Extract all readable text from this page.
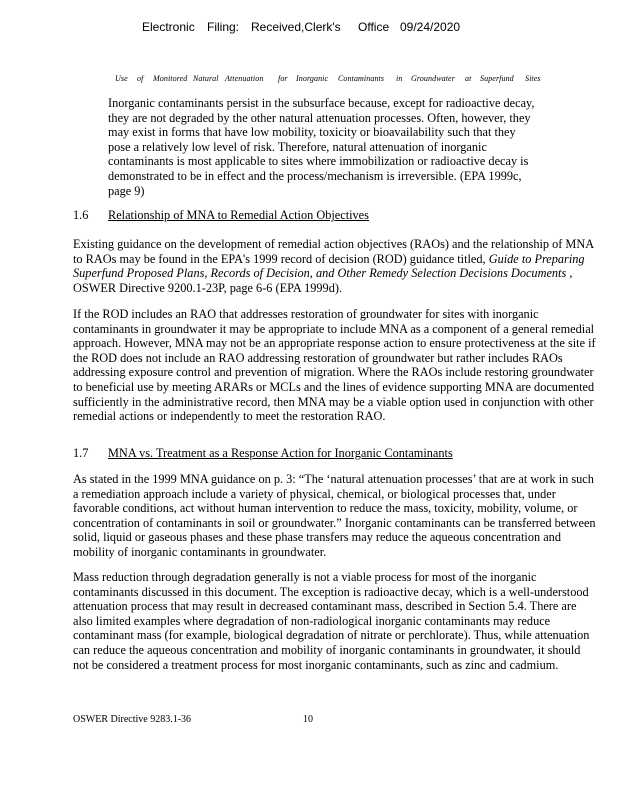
Electronic Filing: Received,Clerk's Office 09/24/2020
Use of Monitored Natural Attenuation for Inorganic Contaminants in Groundwater at Superfund Sites
Inorganic contaminants persist in the subsurface because, except for radioactive decay, they are not degraded by the other natural attenuation processes. Often, however, they may exist in forms that have low mobility, toxicity or bioavailability such that they pose a relatively low level of risk. Therefore, natural attenuation of inorganic contaminants is most applicable to sites where immobilization or radioactive decay is demonstrated to be in effect and the process/mechanism is irreversible. (EPA 1999c, page 9)
1.6 Relationship of MNA to Remedial Action Objectives
Existing guidance on the development of remedial action objectives (RAOs) and the relationship of MNA to RAOs may be found in the EPA's 1999 record of decision (ROD) guidance titled, Guide to Preparing Superfund Proposed Plans, Records of Decision, and Other Remedy Selection Decisions Documents , OSWER Directive 9200.1-23P, page 6-6 (EPA 1999d).
If the ROD includes an RAO that addresses restoration of groundwater for sites with inorganic contaminants in groundwater it may be appropriate to include MNA as a component of a general remedial approach. However, MNA may not be an appropriate response action to ensure protectiveness at the site if the ROD does not include an RAO addressing restoration of groundwater but rather includes RAOs addressing exposure control and prevention of migration. Where the RAOs include restoring groundwater to beneficial use by meeting ARARs or MCLs and the lines of evidence supporting MNA are documented sufficiently in the administrative record, then MNA may be a viable option used in conjunction with other remedial actions or independently to meet the restoration RAO.
1.7 MNA vs. Treatment as a Response Action for Inorganic Contaminants
As stated in the 1999 MNA guidance on p. 3: “The ‘natural attenuation processes’ that are at work in such a remediation approach include a variety of physical, chemical, or biological processes that, under favorable conditions, act without human intervention to reduce the mass, toxicity, mobility, volume, or concentration of contaminants in soil or groundwater.” Inorganic contaminants can be transferred between solid, liquid or gaseous phases and these phase transfers may reduce the aqueous concentration and mobility of inorganic contaminants in groundwater.
Mass reduction through degradation generally is not a viable process for most of the inorganic contaminants discussed in this document. The exception is radioactive decay, which is a well-understood attenuation process that may result in decreased contaminant mass, described in Section 5.4. There are also limited examples where degradation of non-radiological inorganic contaminants may reduce contaminant mass (for example, biological degradation of nitrate or perchlorate). Thus, while attenuation can reduce the aqueous concentration and mobility of inorganic contaminants in groundwater, it should not be considered a treatment process for most inorganic contaminants, such as zinc and cadmium.
OSWER Directive 9283.1-36	10
